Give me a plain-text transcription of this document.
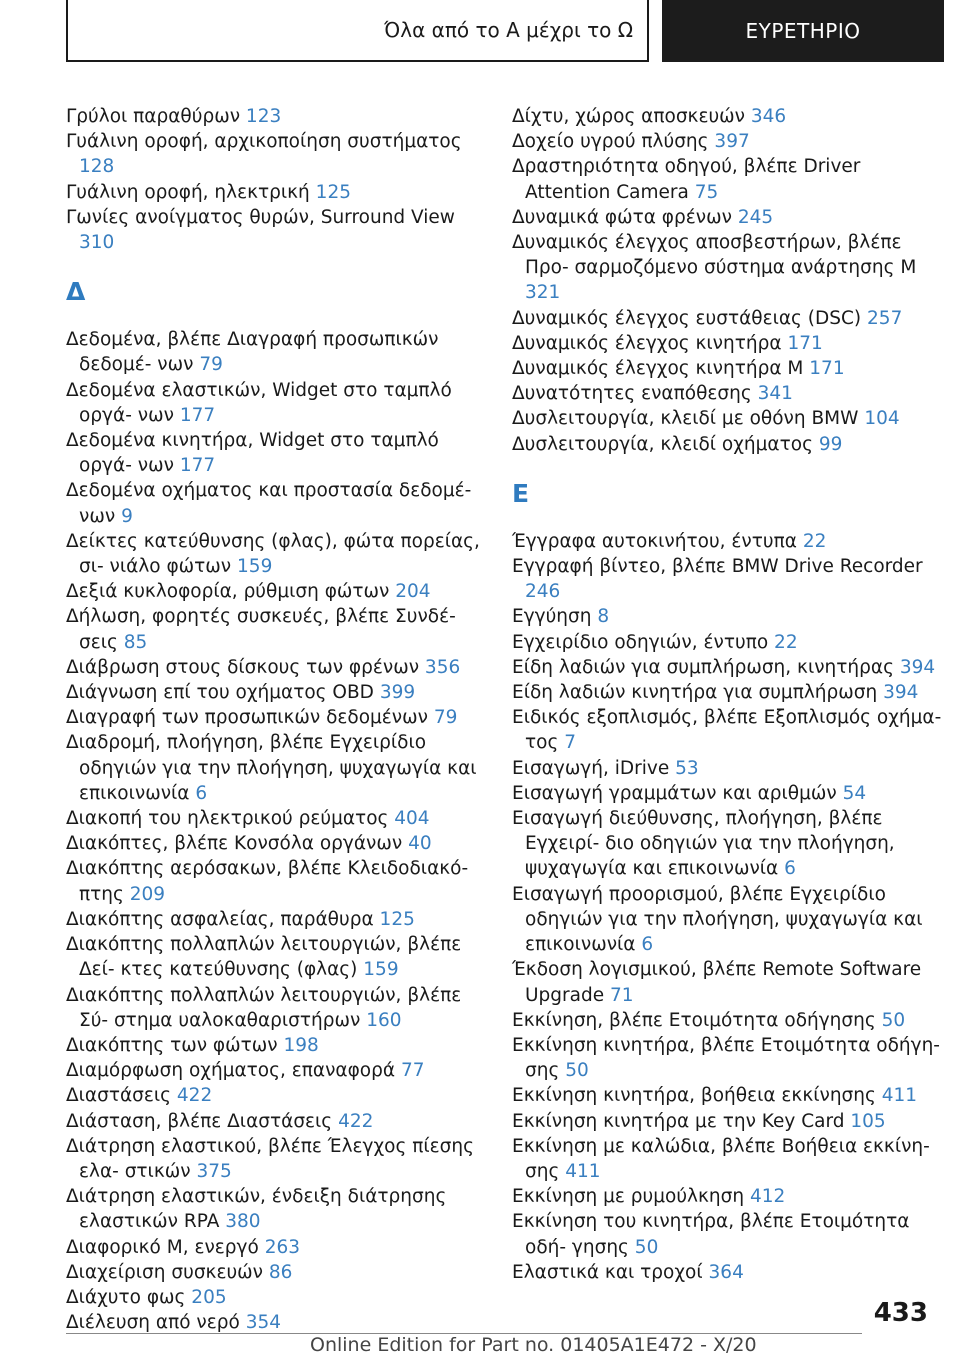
Όλα από το Α μέχρι το Ω	ΕΥΡΕΤΗΡΙΟ
Γρύλοι παραθύρων 123
Γυάλινη οροφή, αρχικοποίηση συστήματος 128
Γυάλινη οροφή, ηλεκτρική 125
Γωνίες ανοίγματος θυρών, Surround View 310
Δ
Δεδομένα, βλέπε Διαγραφή προσωπικών δεδομέ‐ νων 79
Δεδομένα ελαστικών, Widget στο ταμπλό οργά‐ νων 177
Δεδομένα κινητήρα, Widget στο ταμπλό οργά‐ νων 177
Δεδομένα οχήματος και προστασία δεδομέ‐ νων 9
Δείκτες κατεύθυνσης (φλας), φώτα πορείας, σι‐ νιάλο φώτων 159
Δεξιά κυκλοφορία, ρύθμιση φώτων 204
Δήλωση, φορητές συσκευές, βλέπε Συνδέ‐ σεις 85
Διάβρωση στους δίσκους των φρένων 356
Διάγνωση επί του οχήματος OBD 399
Διαγραφή των προσωπικών δεδομένων 79
Διαδρομή, πλοήγηση, βλέπε Εγχειρίδιο οδηγιών για την πλοήγηση, ψυχαγωγία και επικοινωνία 6
Διακοπή του ηλεκτρικού ρεύματος 404
Διακόπτες, βλέπε Κονσόλα οργάνων 40
Διακόπτης αερόσακων, βλέπε Κλειδοδιακό‐ πτης 209
Διακόπτης ασφαλείας, παράθυρα 125
Διακόπτης πολλαπλών λειτουργιών, βλέπε Δεί‐ κτες κατεύθυνσης (φλας) 159
Διακόπτης πολλαπλών λειτουργιών, βλέπε Σύ‐ στημα υαλοκαθαριστήρων 160
Διακόπτης των φώτων 198
Διαμόρφωση οχήματος, επαναφορά 77
Διαστάσεις 422
Διάσταση, βλέπε Διαστάσεις 422
Διάτρηση ελαστικού, βλέπε Έλεγχος πίεσης ελα‐ στικών 375
Διάτρηση ελαστικών, ένδειξη διάτρησης ελαστικών RPA 380
Διαφορικό M, ενεργό 263
Διαχείριση συσκευών 86
Διάχυτο φως 205
Διέλευση από νερό 354
Δίχτυ, χώρος αποσκευών 346
Δοχείο υγρού πλύσης 397
Δραστηριότητα οδηγού, βλέπε Driver Attention Camera 75
Δυναμικά φώτα φρένων 245
Δυναμικός έλεγχος αποσβεστήρων, βλέπε Προ‐ σαρμοζόμενο σύστημα ανάρτησης M 321
Δυναμικός έλεγχος ευστάθειας (DSC) 257
Δυναμικός έλεγχος κινητήρα 171
Δυναμικός έλεγχος κινητήρα M 171
Δυνατότητες εναπόθεσης 341
Δυσλειτουργία, κλειδί με οθόνη BMW 104
Δυσλειτουργία, κλειδί οχήματος 99
Ε
Έγγραφα αυτοκινήτου, έντυπα 22
Εγγραφή βίντεο, βλέπε BMW Drive Recorder 246
Εγγύηση 8
Εγχειρίδιο οδηγιών, έντυπο 22
Είδη λαδιών για συμπλήρωση, κινητήρας 394
Είδη λαδιών κινητήρα για συμπλήρωση 394
Ειδικός εξοπλισμός, βλέπε Εξοπλισμός οχήμα‐ τος 7
Εισαγωγή, iDrive 53
Εισαγωγή γραμμάτων και αριθμών 54
Εισαγωγή διεύθυνσης, πλοήγηση, βλέπε Εγχειρί‐ διο οδηγιών για την πλοήγηση, ψυχαγωγία και επικοινωνία 6
Εισαγωγή προορισμού, βλέπε Εγχειρίδιο οδηγιών για την πλοήγηση, ψυχαγωγία και επικοινωνία 6
Έκδοση λογισμικού, βλέπε Remote Software Upgrade 71
Εκκίνηση, βλέπε Ετοιμότητα οδήγησης 50
Εκκίνηση κινητήρα, βλέπε Ετοιμότητα οδήγη‐ σης 50
Εκκίνηση κινητήρα, βοήθεια εκκίνησης 411
Εκκίνηση κινητήρα με την Key Card 105
Εκκίνηση με καλώδια, βλέπε Βοήθεια εκκίνη‐ σης 411
Εκκίνηση με ρυμούλκηση 412
Εκκίνηση του κινητήρα, βλέπε Ετοιμότητα οδή‐ γησης 50
Ελαστικά και τροχοί 364
433
Online Edition for Part no. 01405A1E472 - X/20
